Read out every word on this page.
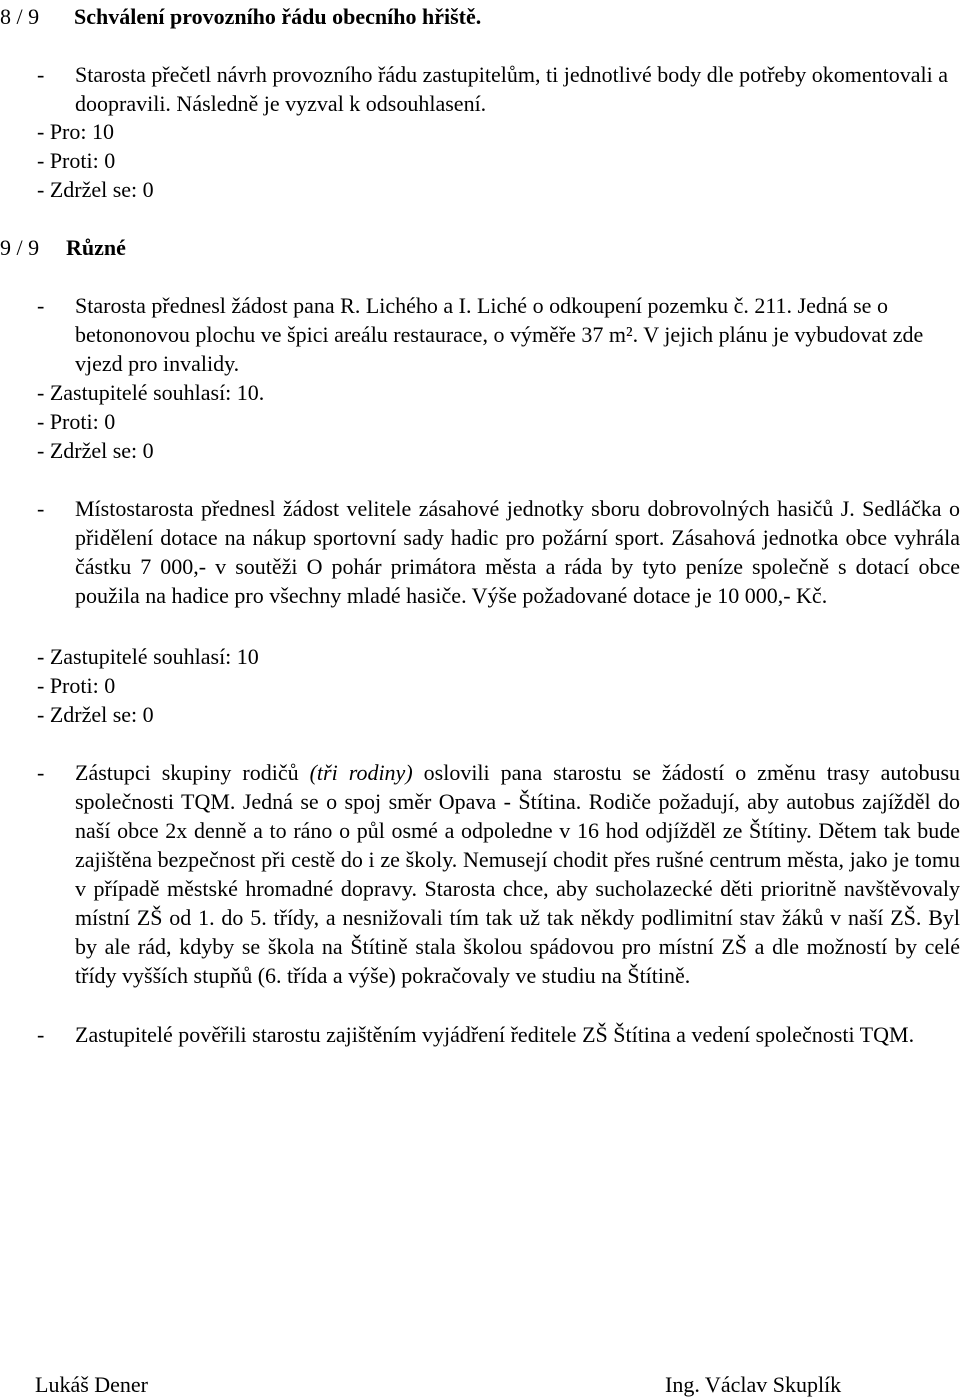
8 / 9 Schválení provozního řádu obecního hřiště.
- Starosta přečetl návrh provozního řádu zastupitelům, ti jednotlivé body dle potřeby okomentovali a doopravili. Následně je vyzval k odsouhlasení.
- Pro: 10
- Proti: 0
- Zdržel se: 0
9 / 9 Různé
- Starosta přednesl žádost pana R. Lichého a I. Liché o odkoupení pozemku č. 211. Jedná se o betononovou plochu ve špici areálu restaurace, o výměře 37 m². V jejich plánu je vybudovat zde vjezd pro invalidy.
- Zastupitelé souhlasí: 10.
- Proti: 0
- Zdržel se: 0
- Místostarosta přednesl žádost velitele zásahové jednotky sboru dobrovolných hasičů J. Sedláčka o přidělení dotace na nákup sportovní sady hadic pro požární sport. Zásahová jednotka obce vyhrála částku 7 000,- v soutěži O pohár primátora města a ráda by tyto peníze společně s dotací obce použila na hadice pro všechny mladé hasiče. Výše požadované dotace je 10 000,- Kč.
- Zastupitelé souhlasí: 10
- Proti: 0
- Zdržel se: 0
- Zástupci skupiny rodičů (tři rodiny) oslovili pana starostu se žádostí o změnu trasy autobusu společnosti TQM. Jedná se o spoj směr Opava - Štítina. Rodiče požadují, aby autobus zajížděl do naší obce 2x denně a to ráno o půl osmé a odpoledne v 16 hod odjížděl ze Štítiny. Dětem tak bude zajištěna bezpečnost při cestě do i ze školy. Nemusejí chodit přes rušné centrum města, jako je tomu v případě městské hromadné dopravy. Starosta chce, aby sucholazecké děti prioritně navštěvovaly místní ZŠ od 1. do 5. třídy, a nesnižovali tím tak už tak někdy podlimitní stav žáků v naší ZŠ. Byl by ale rád, kdyby se škola na Štítině stala školou spádovou pro místní ZŠ a dle možností by celé třídy vyšších stupňů (6. třída a výše) pokračovaly ve studiu na Štítině.
- Zastupitelé pověřili starostu zajištěním vyjádření ředitele ZŠ Štítina a vedení společnosti TQM.
Lukáš Dener	Ing. Václav Skuplík
